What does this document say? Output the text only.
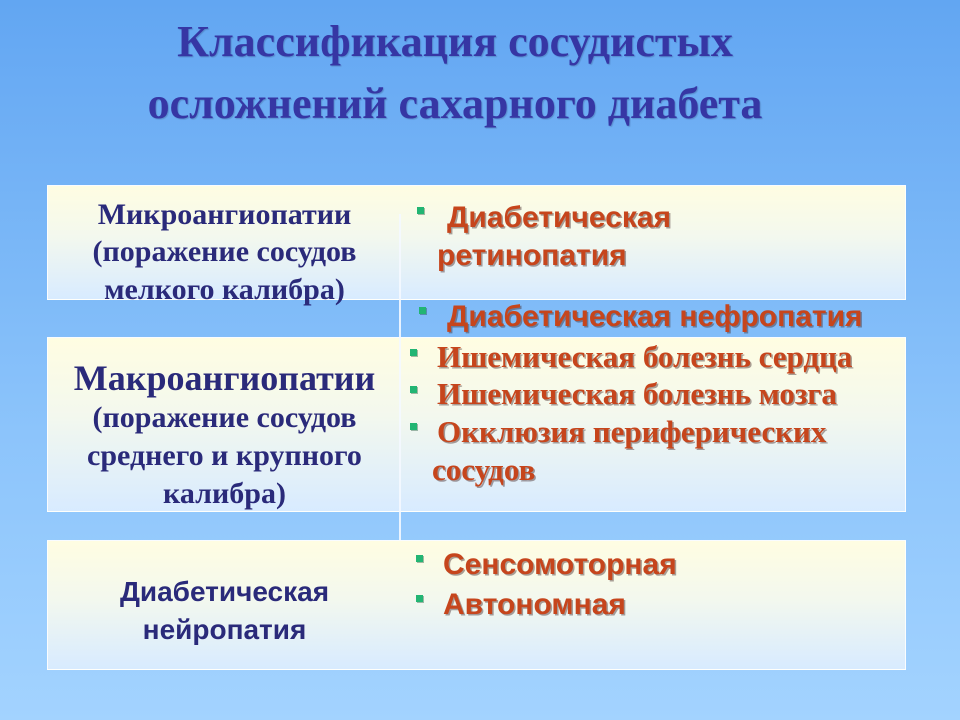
Классификация сосудистых
осложнений сахарного диабета
Микроангиопатии
(поражение сосудов
мелкого калибра)
Диабетическая
ретинопатия
Диабетическая нефропатия
Макроангиопатии
(поражение сосудов
среднего и крупного
калибра)
Ишемическая болезнь сердца
Ишемическая болезнь мозга
Окклюзия периферических
сосудов
Диабетическая
нейропатия
Сенсомоторная
Автономная
